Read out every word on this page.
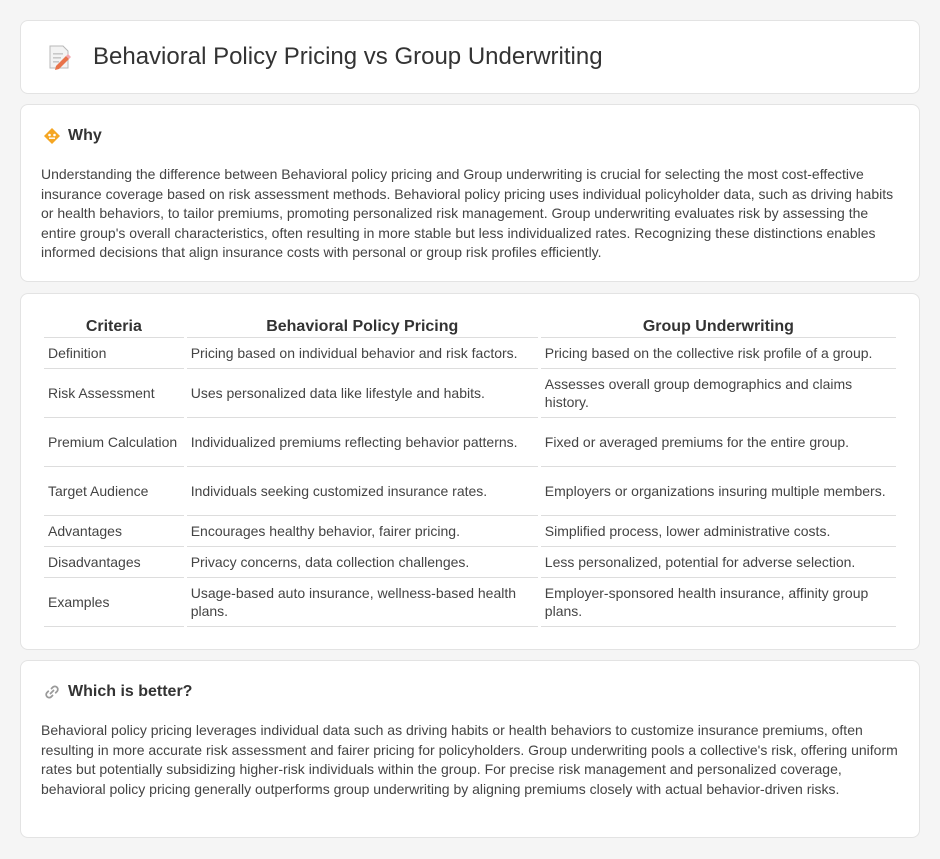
Behavioral Policy Pricing vs Group Underwriting
Why

Understanding the difference between Behavioral policy pricing and Group underwriting is crucial for selecting the most cost-effective insurance coverage based on risk assessment methods. Behavioral policy pricing uses individual policyholder data, such as driving habits or health behaviors, to tailor premiums, promoting personalized risk management. Group underwriting evaluates risk by assessing the entire group's overall characteristics, often resulting in more stable but less individualized rates. Recognizing these distinctions enables informed decisions that align insurance costs with personal or group risk profiles efficiently.

Criteria	Behavioral Policy Pricing	Group Underwriting
Definition	Pricing based on individual behavior and risk factors.	Pricing based on the collective risk profile of a group.
Risk Assessment	Uses personalized data like lifestyle and habits.	Assesses overall group demographics and claims history.
Premium Calculation	Individualized premiums reflecting behavior patterns.	Fixed or averaged premiums for the entire group.
Target Audience	Individuals seeking customized insurance rates.	Employers or organizations insuring multiple members.
Advantages	Encourages healthy behavior, fairer pricing.	Simplified process, lower administrative costs.
Disadvantages	Privacy concerns, data collection challenges.	Less personalized, potential for adverse selection.
Examples	Usage-based auto insurance, wellness-based health plans.	Employer-sponsored health insurance, affinity group plans.
Which is better?

Behavioral policy pricing leverages individual data such as driving habits or health behaviors to customize insurance premiums, often resulting in more accurate risk assessment and fairer pricing for policyholders. Group underwriting pools a collective's risk, offering uniform rates but potentially subsidizing higher-risk individuals within the group. For precise risk management and personalized coverage, behavioral policy pricing generally outperforms group underwriting by aligning premiums closely with actual behavior-driven risks.
